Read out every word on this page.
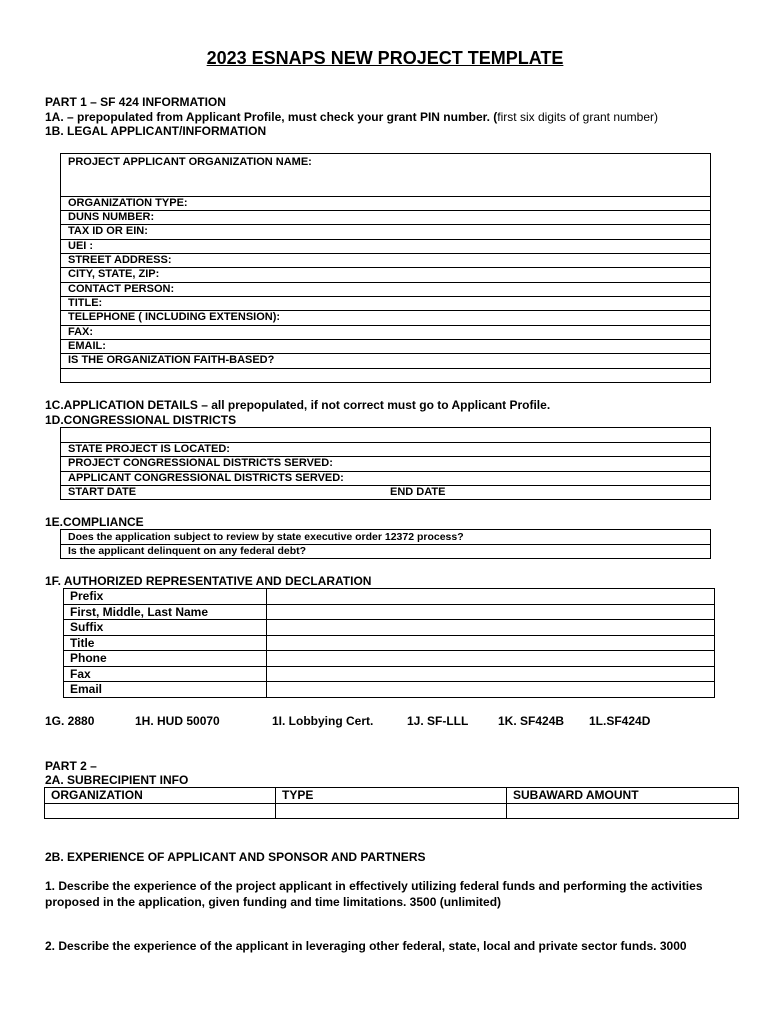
2023 ESNAPS NEW PROJECT TEMPLATE
PART 1 – SF 424 INFORMATION
1A. – prepopulated from Applicant Profile, must check your grant PIN number. (first six digits of grant number)
1B. LEGAL APPLICANT/INFORMATION
PROJECT APPLICANT ORGANIZATION NAME:
ORGANIZATION TYPE:
DUNS NUMBER:
TAX ID OR EIN:
UEI :
STREET ADDRESS:
CITY, STATE, ZIP:
CONTACT PERSON:
TITLE:
TELEPHONE ( INCLUDING EXTENSION):
FAX:
EMAIL:
IS THE ORGANIZATION FAITH-BASED?
1C.APPLICATION DETAILS – all prepopulated, if not correct must go to Applicant Profile.
1D.CONGRESSIONAL DISTRICTS
STATE PROJECT IS LOCATED:
PROJECT CONGRESSIONAL DISTRICTS SERVED:
APPLICANT CONGRESSIONAL DISTRICTS SERVED:
START DATE	END DATE
1E.COMPLIANCE
Does the application subject to review by state executive order 12372 process?
Is the applicant delinquent on any federal debt?
1F. AUTHORIZED REPRESENTATIVE AND DECLARATION
Prefix	
First, Middle, Last Name	
Suffix	
Title	
Phone	
Fax	
Email	
1G. 2880	1H. HUD 50070	1I. Lobbying Cert.	1J. SF-LLL 1K. SF424B 1L.SF424D
PART 2 –
2A. SUBRECIPIENT INFO
ORGANIZATION	TYPE	SUBAWARD AMOUNT

2B. EXPERIENCE OF APPLICANT AND SPONSOR AND PARTNERS
1. Describe the experience of the project applicant in effectively utilizing federal funds and performing the activities proposed in the application, given funding and time limitations. 3500 (unlimited)
2. Describe the experience of the applicant in leveraging other federal, state, local and private sector funds. 3000
